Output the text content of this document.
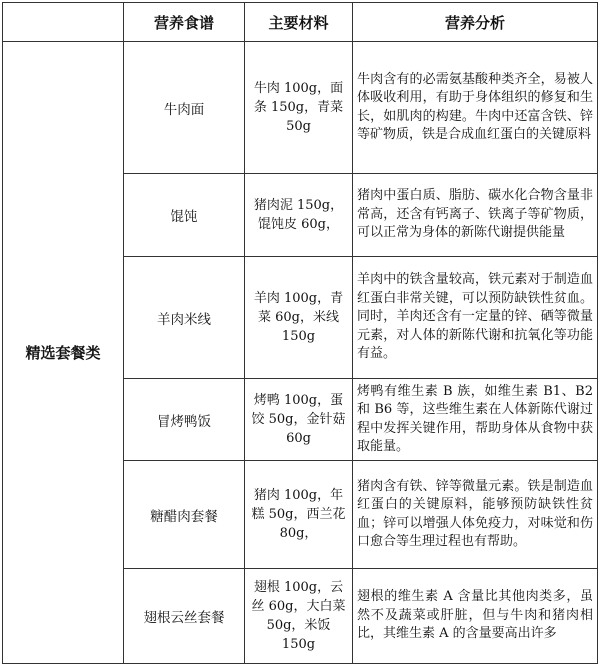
	营养食谱	主要材料	营养分析
精选套餐类	牛肉面	牛肉 100g，面条 150g，青菜 50g	牛肉含有的必需氨基酸种类齐全，易被人体吸收利用，有助于身体组织的修复和生长，如肌肉的构建。牛肉中还富含铁、锌等矿物质，铁是合成血红蛋白的关键原料
	馄饨	猪肉泥 150g，馄饨皮 60g，	猪肉中蛋白质、脂肪、碳水化合物含量非常高，还含有钙离子、铁离子等矿物质，可以正常为身体的新陈代谢提供能量
	羊肉米线	羊肉 100g，青菜 60g，米线 150g	羊肉中的铁含量较高，铁元素对于制造血红蛋白非常关键，可以预防缺铁性贫血。同时，羊肉还含有一定量的锌、硒等微量元素，对人体的新陈代谢和抗氧化等功能有益。
	冒烤鸭饭	烤鸭 100g，蛋饺 50g，金针菇 60g	烤鸭有维生素 B 族，如维生素 B1、B2 和 B6 等，这些维生素在人体新陈代谢过程中发挥关键作用，帮助身体从食物中获取能量。
	糖醋肉套餐	猪肉 100g，年糕 50g，西兰花 80g，	猪肉含有铁、锌等微量元素。铁是制造血红蛋白的关键原料，能够预防缺铁性贫血；锌可以增强人体免疫力，对味觉和伤口愈合等生理过程也有帮助。
	翅根云丝套餐	翅根 100g，云丝 60g，大白菜 50g，米饭 150g	翅根的维生素 A 含量比其他肉类多，虽然不及蔬菜或肝脏，但与牛肉和猪肉相比，其维生素 A 的含量要高出许多
